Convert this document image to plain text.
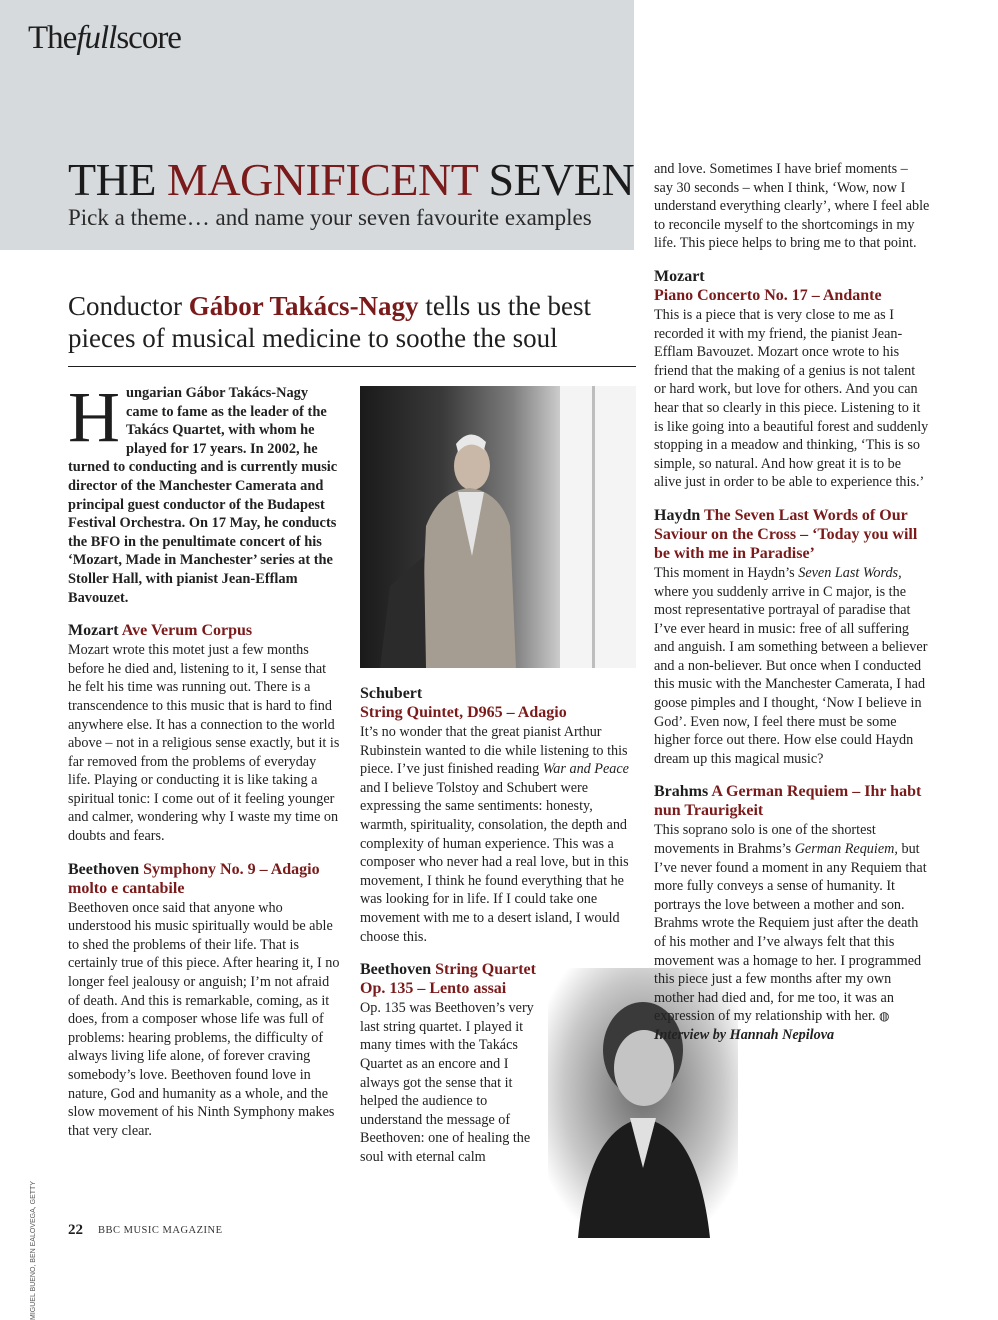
Thefullscore
THE MAGNIFICENT SEVEN
Pick a theme… and name your seven favourite examples
Conductor Gábor Takács-Nagy tells us the best pieces of musical medicine to soothe the soul

Hungarian Gábor Takács-Nagy came to fame as the leader of the Takács Quartet, with whom he played for 17 years. In 2002, he turned to conducting and is currently music director of the Manchester Camerata and principal guest conductor of the Budapest Festival Orchestra. On 17 May, he conducts the BFO in the penultimate concert of his ‘Mozart, Made in Manchester’ series at the Stoller Hall, with pianist Jean-Efflam Bavouzet.

Mozart Ave Verum Corpus

Mozart wrote this motet just a few months before he died and, listening to it, I sense that he felt his time was running out. There is a transcendence to this music that is hard to find anywhere else. It has a connection to the world above – not in a religious sense exactly, but it is far removed from the problems of everyday life. Playing or conducting it is like taking a spiritual tonic: I come out of it feeling younger and calmer, wondering why I waste my time on doubts and fears.

Beethoven Symphony No. 9 – Adagio molto e cantabile

Beethoven once said that anyone who understood his music spiritually would be able to shed the problems of their life. That is certainly true of this piece. After hearing it, I no longer feel jealousy or anguish; I’m not afraid of death. And this is remarkable, coming, as it does, from a composer whose life was full of problems: hearing problems, the difficulty of always living life alone, of forever craving somebody’s love. Beethoven found love in nature, God and humanity as a whole, and the slow movement of his Ninth Symphony makes that very clear.

Schubert
String Quintet, D965 – Adagio

It’s no wonder that the great pianist Arthur Rubinstein wanted to die while listening to this piece. I’ve just finished reading War and Peace and I believe Tolstoy and Schubert were expressing the same sentiments: honesty, warmth, spirituality, consolation, the depth and complexity of human experience. This was a composer who never had a real love, but in this movement, I think he found everything that he was looking for in life. If I could take one movement with me to a desert island, I would choose this.

Beethoven String Quartet Op. 135 – Lento assai

Op. 135 was Beethoven’s very last string quartet. I played it many times with the Takács Quartet as an encore and I always got the sense that it helped the audience to understand the message of Beethoven: one of healing the soul with eternal calm

and love. Sometimes I have brief moments – say 30 seconds – when I think, ‘Wow, now I understand everything clearly’, where I feel able to reconcile myself to the shortcomings in my life. This piece helps to bring me to that point.

Mozart
Piano Concerto No. 17 – Andante

This is a piece that is very close to me as I recorded it with my friend, the pianist Jean-Efflam Bavouzet. Mozart once wrote to his friend that the making of a genius is not talent or hard work, but love for others. And you can hear that so clearly in this piece. Listening to it is like going into a beautiful forest and suddenly stopping in a meadow and thinking, ‘This is so simple, so natural. And how great it is to be alive just in order to be able to experience this.’

Haydn The Seven Last Words of Our Saviour on the Cross – ‘Today you will be with me in Paradise’

This moment in Haydn’s Seven Last Words, where you suddenly arrive in C major, is the most representative portrayal of paradise that I’ve ever heard in music: free of all suffering and anguish. I am something between a believer and a non-believer. But once when I conducted this music with the Manchester Camerata, I had goose pimples and I thought, ‘Now I believe in God’. Even now, I feel there must be some higher force out there. How else could Haydn dream up this magical music?

Brahms A German Requiem – Ihr habt nun Traurigkeit

This soprano solo is one of the shortest movements in Brahms’s German Requiem, but I’ve never found a moment in any Requiem that more fully conveys a sense of humanity. It portrays the love between a mother and son. Brahms wrote the Requiem just after the death of his mother and I’ve always felt that this movement was a homage to her. I programmed this piece just a few months after my own mother had died and, for me too, it was an expression of my relationship with her. ◍ Interview by Hannah Nepilova

MIGUEL BUENO, BEN EALOVEGA, GETTY 22 BBC MUSIC MAGAZINE
